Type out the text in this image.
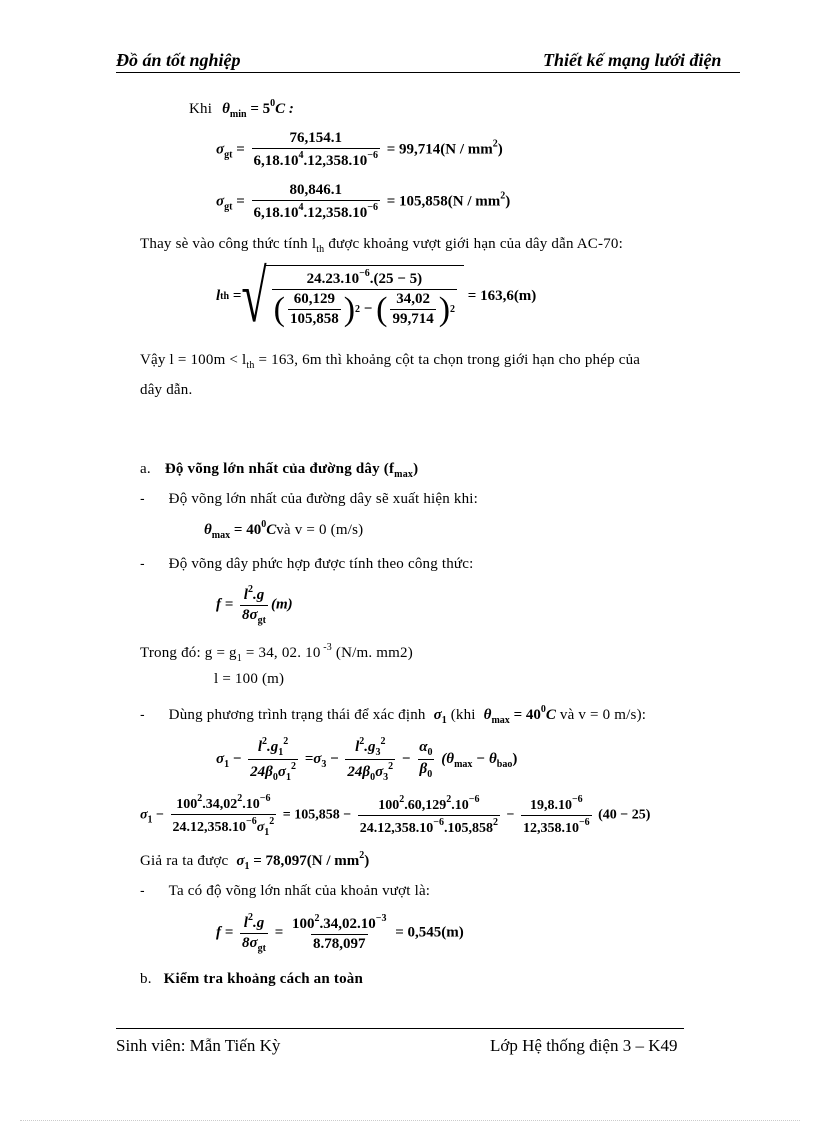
Đồ án tốt nghiệp	Thiết kế mạng lưới điện
Khi $\theta_{min} = 5^0C$ :
$\sigma_{gt} = \frac{76,154.1}{6,18.10^4.12,358.10^{-6}} = 99,714(N / mm^2)$
$\sigma_{gt} = \frac{80,846.1}{6,18.10^4.12,358.10^{-6}} = 105,858(N / mm^2)$
Thay sè vào công thức tính $l_{th}$ được khoảng vượt giới hạn của dây dẫn AC-70:
l th = √	$24.23.10^{-6}.(25 - 5)$
( $\frac{60,129}{105,858}$ ) 2
−
( $\frac{34,02}{99,714}$ ) 2

= 163,6(m)
Vậy $l = 100m < l_{th} = 163$, 6m thì khoảng cột ta chọn trong giới hạn cho phép của
dây dẫn.
a. Độ võng lớn nhất của đường dây $(f_{max})$
- Độ võng lớn nhất của đường dây sẽ xuất hiện khi:
$\theta_{max}$ = $40^0Cvà$ v = 0 (m/s)
- Độ võng dây phức hợp được tính theo công thức:
$f = \frac{l^2.g}{8\sigma_{gt}} (m)$
Trong đó: $g = g_1 = 34$, 02. 10 $^{-3}$ (N/m. mm2)
l = 100 (m)
- Dùng phương trình trạng thái để xác định $\sigma_1$ (khi $\theta_{max} = 40^0C$ và v = 0 m/s):
$\sigma_1 - \frac{l^2.g_1^2}{24\beta_0\sigma_1^2} =\sigma_3 - \frac{l^2.g_3^2}{24\beta_0\sigma_3^2} - \frac{\alpha_0}{\beta_0} (\theta_{max} - \theta_{bao})$
$\sigma_1 - \frac{100^2.34,02^2.10^{-6}}{24.12,358.10^{-6}\sigma_1^2} = 105,858 - \frac{100^2.60,129^2.10^{-6}}{24.12,358.10^{-6}.105,858^2} - \frac{19,8.10^{-6}}{12,358.10^{-6}} (40 - 25)$
Giả ra ta được $\sigma_1 = 78,097(N / mm^2)$
- Ta có độ võng lớn nhất của khoản vượt là:
$f = \frac{l^2.g}{8\sigma_{gt}} = \frac{100^2.34,02.10^{-3}}{8.78,097} = 0,545(m)$
b. Kiểm tra khoảng cách an toàn
Sinh viên: Mẫn Tiến Kỳ	Lớp Hệ thống điện 3 – K49
